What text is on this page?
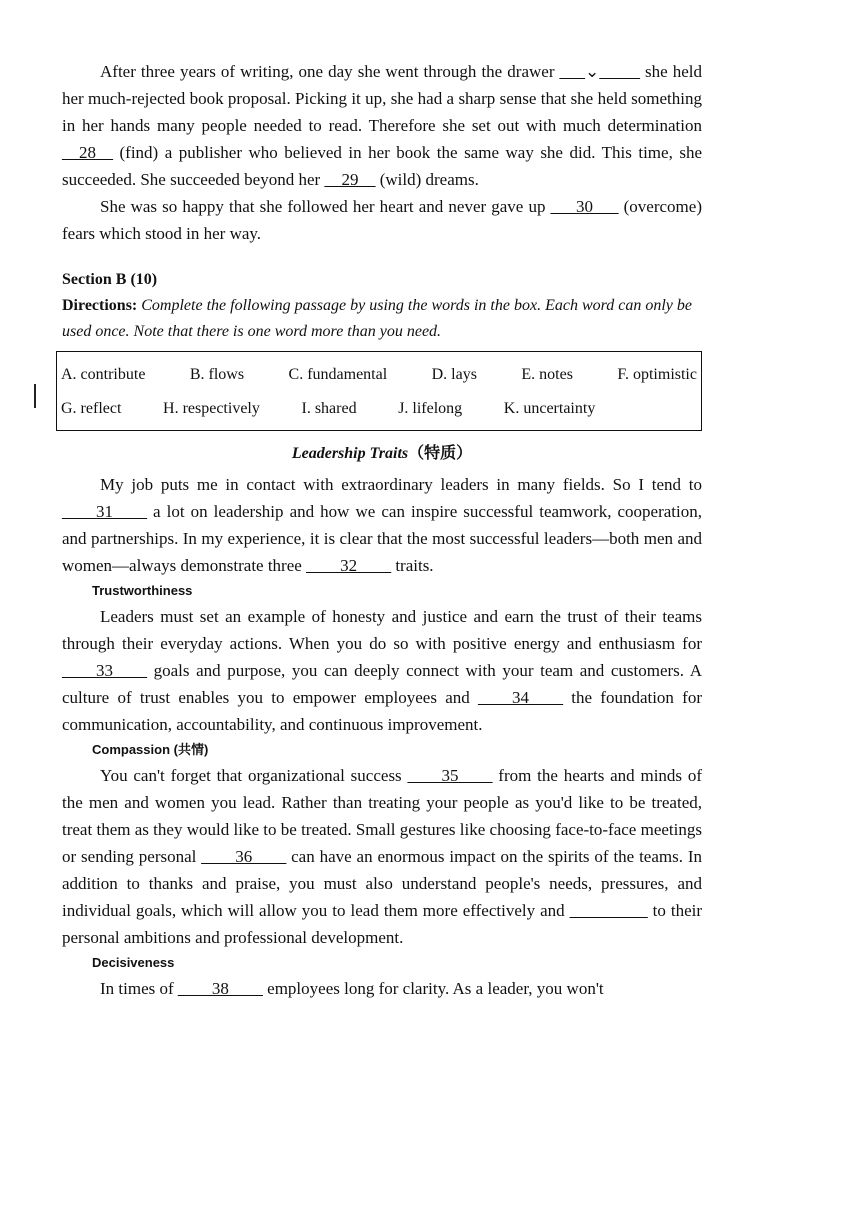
After three years of writing, one day she went through the drawer ___⌄   ___ she held her much-rejected book proposal. Picking it up, she had a sharp sense that she held something in her hands many people needed to read. Therefore she set out with much determination __28__ (find) a publisher who believed in her book the same way she did. This time, she succeeded. She succeeded beyond her __29__ (wild) dreams.

She was so happy that she followed her heart and never gave up ___30___ (overcome) fears which stood in her way.

Section B (10)
Directions: Complete the following passage by using the words in the box. Each word can only be used once. Note that there is one word more than you need.
A. contribute	B. flows	C. fundamental	D. lays	E. notes	F. optimistic
G. reflect	H. respectively	I. shared	J. lifelong	K. uncertainty
Leadership Traits（特质）

My job puts me in contact with extraordinary leaders in many fields. So I tend to ____31____ a lot on leadership and how we can inspire successful teamwork, cooperation, and partnerships. In my experience, it is clear that the most successful leaders—both men and women—always demonstrate three ____32____ traits.

Trustworthiness

Leaders must set an example of honesty and justice and earn the trust of their teams through their everyday actions. When you do so with positive energy and enthusiasm for ____33____ goals and purpose, you can deeply connect with your team and customers. A culture of trust enables you to empower employees and ____34____ the foundation for communication, accountability, and continuous improvement.

Compassion (共情)

You can't forget that organizational success ____35____ from the hearts and minds of the men and women you lead. Rather than treating your people as you'd like to be treated, treat them as they would like to be treated. Small gestures like choosing face-to-face meetings or sending personal ____36____ can have an enormous impact on the spirits of the teams. In addition to thanks and praise, you must also understand people's needs, pressures, and individual goals, which will allow you to lead them more effectively and ____  ____ to their personal ambitions and professional development.

Decisiveness

In times of ____38____ employees long for clarity. As a leader, you won't
